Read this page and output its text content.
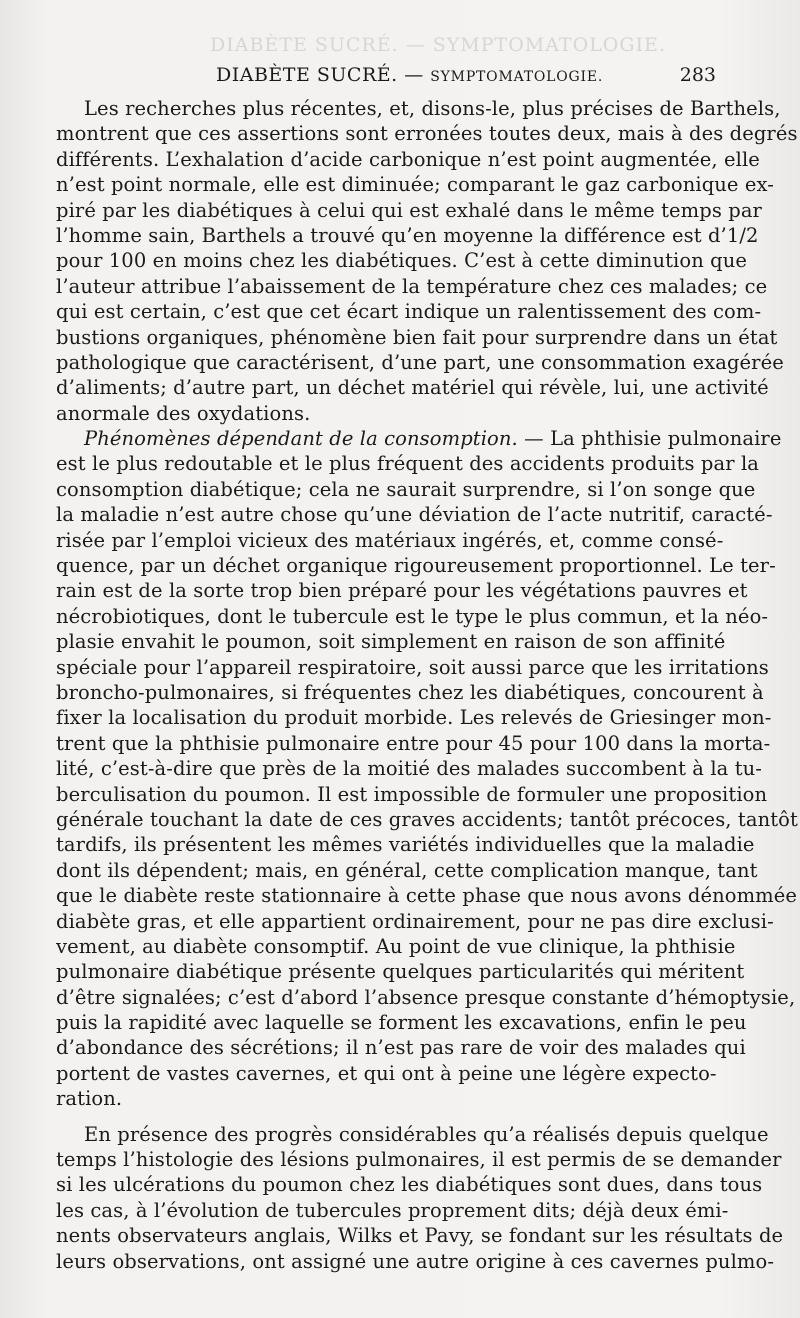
DIABÈTE SUCRÉ. — SYMPTOMATOLOGIE.
DIABÈTE SUCRÉ. — SYMPTOMATOLOGIE.	283
Les recherches plus récentes, et, disons-le, plus précises de Barthels,
montrent que ces assertions sont erronées toutes deux, mais à des degrés
différents. L’exhalation d’acide carbonique n’est point augmentée, elle
n’est point normale, elle est diminuée; comparant le gaz carbonique ex-
piré par les diabétiques à celui qui est exhalé dans le même temps par
l’homme sain, Barthels a trouvé qu’en moyenne la différence est d’1/2
pour 100 en moins chez les diabétiques. C’est à cette diminution que
l’auteur attribue l’abaissement de la température chez ces malades; ce
qui est certain, c’est que cet écart indique un ralentissement des com-
bustions organiques, phénomène bien fait pour surprendre dans un état
pathologique que caractérisent, d’une part, une consommation exagérée
d’aliments; d’autre part, un déchet matériel qui révèle, lui, une activité
anormale des oxydations.
Phénomènes dépendant de la consomption. — La phthisie pulmonaire
est le plus redoutable et le plus fréquent des accidents produits par la
consomption diabétique; cela ne saurait surprendre, si l’on songe que
la maladie n’est autre chose qu’une déviation de l’acte nutritif, caracté-
risée par l’emploi vicieux des matériaux ingérés, et, comme consé-
quence, par un déchet organique rigoureusement proportionnel. Le ter-
rain est de la sorte trop bien préparé pour les végétations pauvres et
nécrobiotiques, dont le tubercule est le type le plus commun, et la néo-
plasie envahit le poumon, soit simplement en raison de son affinité
spéciale pour l’appareil respiratoire, soit aussi parce que les irritations
broncho-pulmonaires, si fréquentes chez les diabétiques, concourent à
fixer la localisation du produit morbide. Les relevés de Griesinger mon-
trent que la phthisie pulmonaire entre pour 45 pour 100 dans la morta-
lité, c’est-à-dire que près de la moitié des malades succombent à la tu-
berculisation du poumon. Il est impossible de formuler une proposition
générale touchant la date de ces graves accidents; tantôt précoces, tantôt
tardifs, ils présentent les mêmes variétés individuelles que la maladie
dont ils dépendent; mais, en général, cette complication manque, tant
que le diabète reste stationnaire à cette phase que nous avons dénommée
diabète gras, et elle appartient ordinairement, pour ne pas dire exclusi-
vement, au diabète consomptif. Au point de vue clinique, la phthisie
pulmonaire diabétique présente quelques particularités qui méritent
d’être signalées; c’est d’abord l’absence presque constante d’hémoptysie,
puis la rapidité avec laquelle se forment les excavations, enfin le peu
d’abondance des sécrétions; il n’est pas rare de voir des malades qui
portent de vastes cavernes, et qui ont à peine une légère expecto-
ration.
En présence des progrès considérables qu’a réalisés depuis quelque
temps l’histologie des lésions pulmonaires, il est permis de se demander
si les ulcérations du poumon chez les diabétiques sont dues, dans tous
les cas, à l’évolution de tubercules proprement dits; déjà deux émi-
nents observateurs anglais, Wilks et Pavy, se fondant sur les résultats de
leurs observations, ont assigné une autre origine à ces cavernes pulmo-
